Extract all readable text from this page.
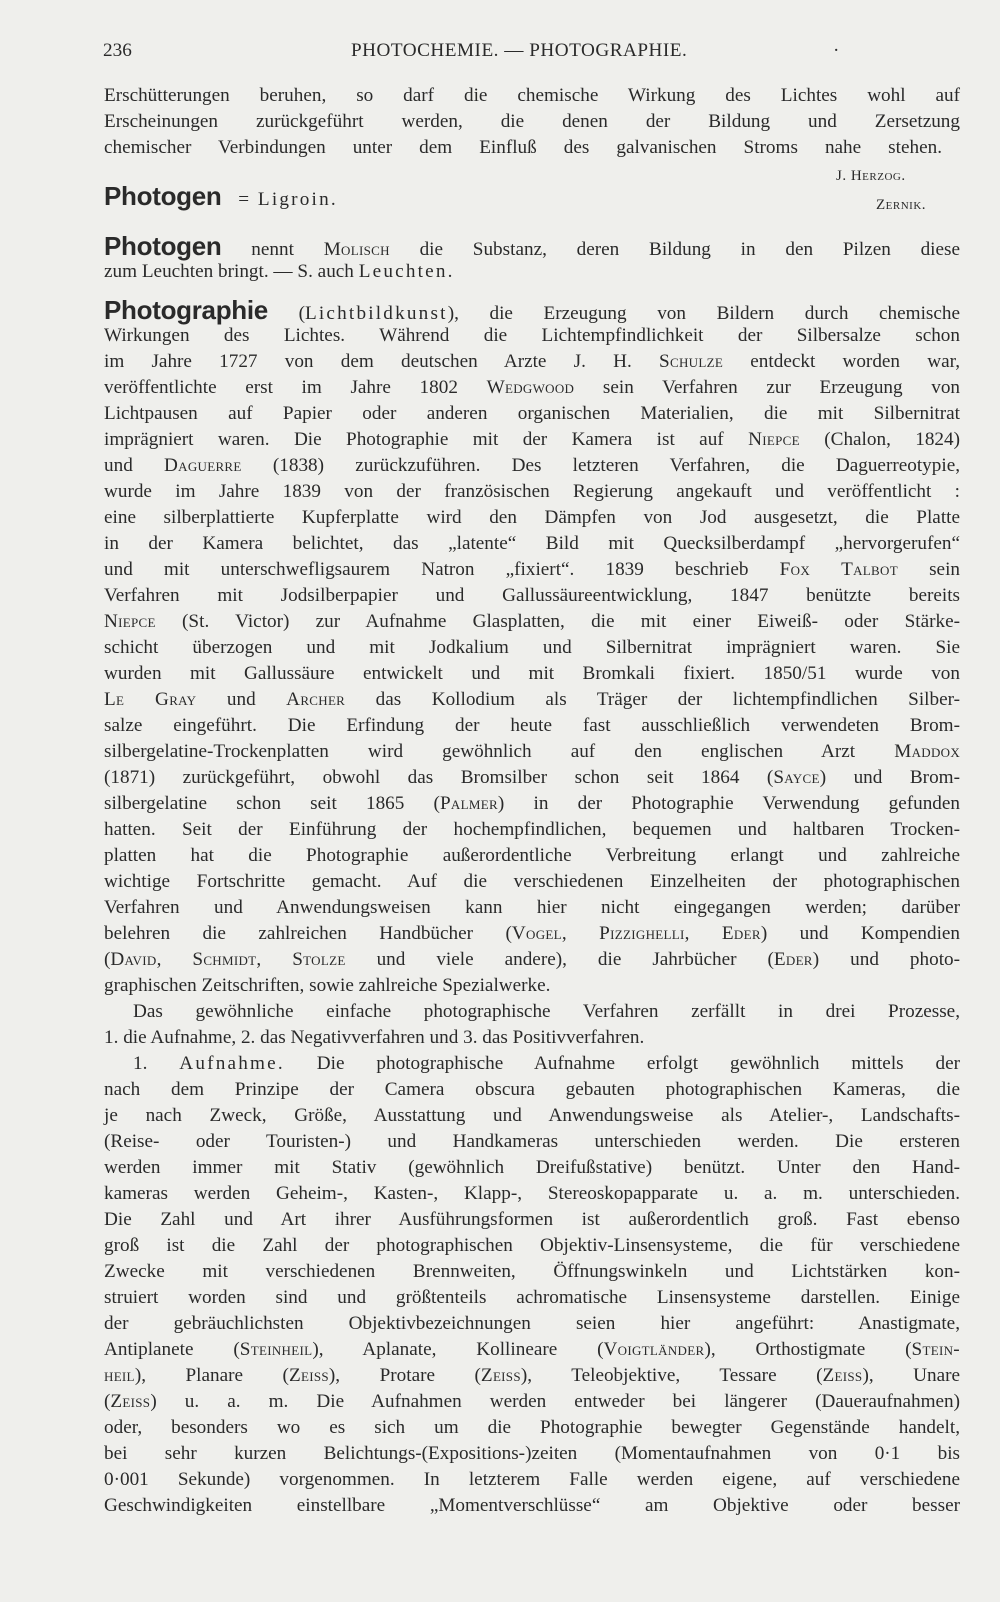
236	PHOTOCHEMIE. — PHOTOGRAPHIE.	·
Erschütterungen beruhen, so darf die chemische Wirkung des Lichtes wohl auf
Erscheinungen zurückgeführt werden, die denen der Bildung und Zersetzung
chemischer Verbindungen unter dem Einfluß des galvanischen Stroms nahe stehen.
J. Herzog.
Photogen = Ligroin.	Zernik.
Photogen nennt Molisch die Substanz, deren Bildung in den Pilzen diese
zum Leuchten bringt. — S. auch Leuchten.
Photographie (Lichtbildkunst), die Erzeugung von Bildern durch chemische
Wirkungen des Lichtes. Während die Lichtempfindlichkeit der Silbersalze schon
im Jahre 1727 von dem deutschen Arzte J. H. Schulze entdeckt worden war,
veröffentlichte erst im Jahre 1802 Wedgwood sein Verfahren zur Erzeugung von
Lichtpausen auf Papier oder anderen organischen Materialien, die mit Silbernitrat
imprägniert waren. Die Photographie mit der Kamera ist auf Niepce (Chalon, 1824)
und Daguerre (1838) zurückzuführen. Des letzteren Verfahren, die Daguerreotypie,
wurde im Jahre 1839 von der französischen Regierung angekauft und veröffentlicht :
eine silberplattierte Kupferplatte wird den Dämpfen von Jod ausgesetzt, die Platte
in der Kamera belichtet, das „latente“ Bild mit Quecksilberdampf „hervorgerufen“
und mit unterschwefligsaurem Natron „fixiert“. 1839 beschrieb Fox Talbot sein
Verfahren mit Jodsilberpapier und Gallussäureentwicklung, 1847 benützte bereits
Niepce (St. Victor) zur Aufnahme Glasplatten, die mit einer Eiweiß- oder Stärke-
schicht überzogen und mit Jodkalium und Silbernitrat imprägniert waren. Sie
wurden mit Gallussäure entwickelt und mit Bromkali fixiert. 1850/51 wurde von
Le Gray und Archer das Kollodium als Träger der lichtempfindlichen Silber-
salze eingeführt. Die Erfindung der heute fast ausschließlich verwendeten Brom-
silbergelatine-Trockenplatten wird gewöhnlich auf den englischen Arzt Maddox
(1871) zurückgeführt, obwohl das Bromsilber schon seit 1864 (Sayce) und Brom-
silbergelatine schon seit 1865 (Palmer) in der Photographie Verwendung gefunden
hatten. Seit der Einführung der hochempfindlichen, bequemen und haltbaren Trocken-
platten hat die Photographie außerordentliche Verbreitung erlangt und zahlreiche
wichtige Fortschritte gemacht. Auf die verschiedenen Einzelheiten der photographischen
Verfahren und Anwendungsweisen kann hier nicht eingegangen werden; darüber
belehren die zahlreichen Handbücher (Vogel, Pizzighelli, Eder) und Kompendien
(David, Schmidt, Stolze und viele andere), die Jahrbücher (Eder) und photo-
graphischen Zeitschriften, sowie zahlreiche Spezialwerke.
Das gewöhnliche einfache photographische Verfahren zerfällt in drei Prozesse,
1. die Aufnahme, 2. das Negativverfahren und 3. das Positivverfahren.
1. Aufnahme. Die photographische Aufnahme erfolgt gewöhnlich mittels der
nach dem Prinzipe der Camera obscura gebauten photographischen Kameras, die
je nach Zweck, Größe, Ausstattung und Anwendungsweise als Atelier-, Landschafts-
(Reise- oder Touristen-) und Handkameras unterschieden werden. Die ersteren
werden immer mit Stativ (gewöhnlich Dreifußstative) benützt. Unter den Hand-
kameras werden Geheim-, Kasten-, Klapp-, Stereoskopapparate u. a. m. unterschieden.
Die Zahl und Art ihrer Ausführungsformen ist außerordentlich groß. Fast ebenso
groß ist die Zahl der photographischen Objektiv-Linsensysteme, die für verschiedene
Zwecke mit verschiedenen Brennweiten, Öffnungswinkeln und Lichtstärken kon-
struiert worden sind und größtenteils achromatische Linsensysteme darstellen. Einige
der gebräuchlichsten Objektivbezeichnungen seien hier angeführt: Anastigmate,
Antiplanete (Steinheil), Aplanate, Kollineare (Voigtländer), Orthostigmate (Stein-
heil), Planare (Zeiss), Protare (Zeiss), Teleobjektive, Tessare (Zeiss), Unare
(Zeiss) u. a. m. Die Aufnahmen werden entweder bei längerer (Daueraufnahmen)
oder, besonders wo es sich um die Photographie bewegter Gegenstände handelt,
bei sehr kurzen Belichtungs-(Expositions-)zeiten (Momentaufnahmen von 0·1 bis
0·001 Sekunde) vorgenommen. In letzterem Falle werden eigene, auf verschiedene
Geschwindigkeiten einstellbare „Momentverschlüsse“ am Objektive oder besser
